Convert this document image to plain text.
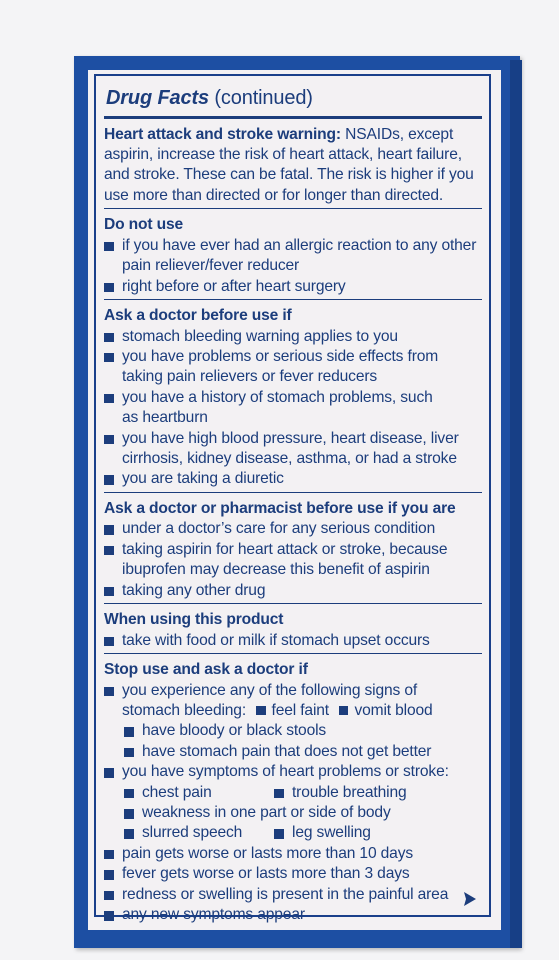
Drug Facts (continued)
Heart attack and stroke warning: NSAIDs, except
aspirin, increase the risk of heart attack, heart failure,
and stroke. These can be fatal. The risk is higher if you
use more than directed or for longer than directed.
Do not use
if you have ever had an allergic reaction to any other
pain reliever/fever reducer
right before or after heart surgery
Ask a doctor before use if
stomach bleeding warning applies to you
you have problems or serious side effects from
taking pain relievers or fever reducers
you have a history of stomach problems, such
as heartburn
you have high blood pressure, heart disease, liver
cirrhosis, kidney disease, asthma, or had a stroke
you are taking a diuretic
Ask a doctor or pharmacist before use if you are
under a doctor’s care for any serious condition
taking aspirin for heart attack or stroke, because
ibuprofen may decrease this benefit of aspirin
taking any other drug
When using this product
take with food or milk if stomach upset occurs
Stop use and ask a doctor if
you experience any of the following signs of
stomach bleeding: feel faint vomit blood
have bloody or black stools
have stomach pain that does not get better
you have symptoms of heart problems or stroke:
chest pain	trouble breathing
weakness in one part or side of body
slurred speech	leg swelling
pain gets worse or lasts more than 10 days
fever gets worse or lasts more than 3 days
redness or swelling is present in the painful area
any new symptoms appear
